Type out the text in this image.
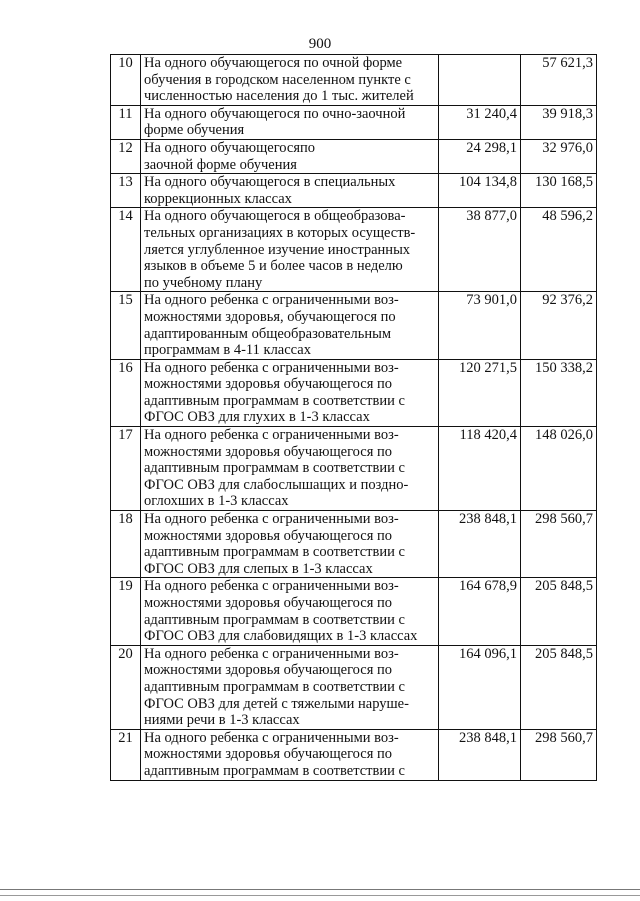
900
10	На одного обучающегося по очной форме
обучения в городском населенном пункте с
численностью населения до 1 тыс. жителей		57 621,3
11	На одного обучающегося по очно-заочной
форме обучения	31 240,4	39 918,3
12	На одного обучающегосяпо
заочной форме обучения	24 298,1	32 976,0
13	На одного обучающегося в специальных
коррекционных классах	104 134,8	130 168,5
14	На одного обучающегося в общеобразова-
тельных организациях в которых осуществ-
ляется углубленное изучение иностранных
языков в объеме 5 и более часов в неделю
по учебному плану	38 877,0	48 596,2
15	На одного ребенка с ограниченными воз-
можностями здоровья, обучающегося по
адаптированным общеобразовательным
программам в 4-11 классах	73 901,0	92 376,2
16	На одного ребенка с ограниченными воз-
можностями здоровья обучающегося по
адаптивным программам в соответствии с
ФГОС ОВЗ для глухих в 1-3 классах	120 271,5	150 338,2
17	На одного ребенка с ограниченными воз-
можностями здоровья обучающегося по
адаптивным программам в соответствии с
ФГОС ОВЗ для слабослышащих и поздно-
оглохших в 1-3 классах	118 420,4	148 026,0
18	На одного ребенка с ограниченными воз-
можностями здоровья обучающегося по
адаптивным программам в соответствии с
ФГОС ОВЗ для слепых в 1-3 классах	238 848,1	298 560,7
19	На одного ребенка с ограниченными воз-
можностями здоровья обучающегося по
адаптивным программам в соответствии с
ФГОС ОВЗ для слабовидящих в 1-3 классах	164 678,9	205 848,5
20	На одного ребенка с ограниченными воз-
можностями здоровья обучающегося по
адаптивным программам в соответствии с
ФГОС ОВЗ для детей с тяжелыми наруше-
ниями речи в 1-3 классах	164 096,1	205 848,5
21	На одного ребенка с ограниченными воз-
можностями здоровья обучающегося по
адаптивным программам в соответствии с	238 848,1	298 560,7
